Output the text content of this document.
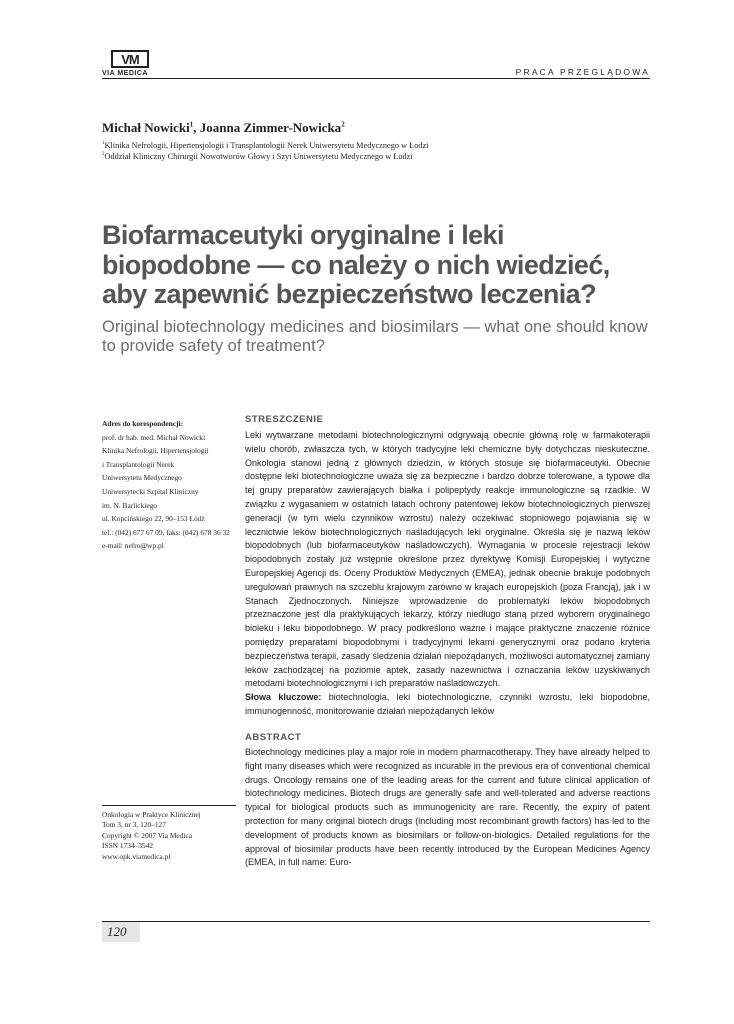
VM
VIA MEDICA	PRACA PRZEGLĄDOWA
Michał Nowicki$^1$, Joanna Zimmer-Nowicka$^2$
$^1$Klinika Nefrologii, Hipertensjologii i Transplantologii Nerek Uniwersytetu Medycznego w Łodzi
$^2$Oddział Kliniczny Chirurgii Nowotworów Głowy i Szyi Uniwersytetu Medycznego w Łodzi
Biofarmaceutyki oryginalne i leki
biopodobne — co należy o nich wiedzieć,
aby zapewnić bezpieczeństwo leczenia?
Original biotechnology medicines and biosimilars — what one should know
to provide safety of treatment?
Adres do korespondencji:
prof. dr hab. med. Michał Nowicki
Klinika Nefrologii, Hipertensjologii
i Transplantologii Nerek
Uniwersytetu Medycznego
Uniwersytecki Szpital Kliniczny
im. N. Barlickiego
ul. Kopcińskiego 22, 90–153 Łódź
tel.: (042) 677 67 09, faks: (042) 678 36 32
e-mail: nefro@wp.pl
Onkologia w Praktyce Klinicznej
Tom 3, nr 3, 120–127
Copyright © 2007 Via Medica
ISSN 1734–3542
www.opk.viamedica.pl
STRESZCZENIE
Leki wytwarzane metodami biotechnologicznymi odgrywają obecnie główną rolę w farmakoterapii wielu chorób, zwłaszcza tych, w których tradycyjne leki chemiczne były dotychczas nieskuteczne. Onkologia stanowi jedną z głównych dziedzin, w których stosuje się biofarmaceutyki. Obecnie dostępne leki biotechnologiczne uważa się za bezpieczne i bardzo dobrze tolerowane, a typowe dla tej grupy preparatów zawierających białka i polipeptydy reakcje immunologiczne są rzadkie. W związku z wygasaniem w ostatnich latach ochrony patentowej leków biotechnologicznych pierwszej generacji (w tym wielu czynników wzrostu) należy oczekiwać stopniowego pojawiania się w lecznictwie leków biotechnologicznych naśladujących leki oryginalne. Określa się je nazwą leków biopodobnych (lub biofarmaceutyków naśladowczych). Wymagania w procesie rejestracji leków biopodobnych zostały już wstępnie określone przez dyrektywę Komisji Europejskiej i wytyczne Europejskiej Agencji ds. Oceny Produktów Medycznych (EMEA), jednak obecnie brakuje podobnych uregulowań prawnych na szczeblu krajowym zarówno w krajach europejskich (poza Francją), jak i w Stanach Zjednoczonych. Niniejsze wprowadzenie do problematyki leków biopodobnych przeznaczone jest dla praktykujących lekarzy, którzy niedługo staną przed wyborem oryginalnego bioleku i leku biopodobnego. W pracy podkreślono ważne i mające praktyczne znaczenie różnice pomiędzy preparatami biopodobnymi i tradycyjnymi lekami generycznymi oraz podano kryteria bezpieczeństwa terapii, zasady śledzenia działań niepożądanych, możliwości automatycznej zamiany leków zachodzącej na poziomie aptek, zasady nazewnictwa i oznaczania leków uzyskiwanych metodami biotechnologicznymi i ich preparatów naśladowczych.
Słowa kluczowe: biotechnologia, leki biotechnologiczne, czynniki wzrostu, leki biopodobne, immunogenność, monitorowanie działań niepożądanych leków
ABSTRACT
Biotechnology medicines play a major role in modern pharmacotherapy. They have already helped to fight many diseases which were recognized as incurable in the previous era of conventional chemical drugs. Oncology remains one of the leading areas for the current and future clinical application of biotechnology medicines. Biotech drugs are generally safe and well-tolerated and adverse reactions typical for biological products such as immunogenicity are rare. Recently, the expiry of patent protection for many original biotech drugs (including most recombinant growth factors) has led to the development of products known as biosimilars or follow-on-biologics. Detailed regulations for the approval of biosimilar products have been recently introduced by the European Medicines Agency (EMEA, in full name: Euro-
120
